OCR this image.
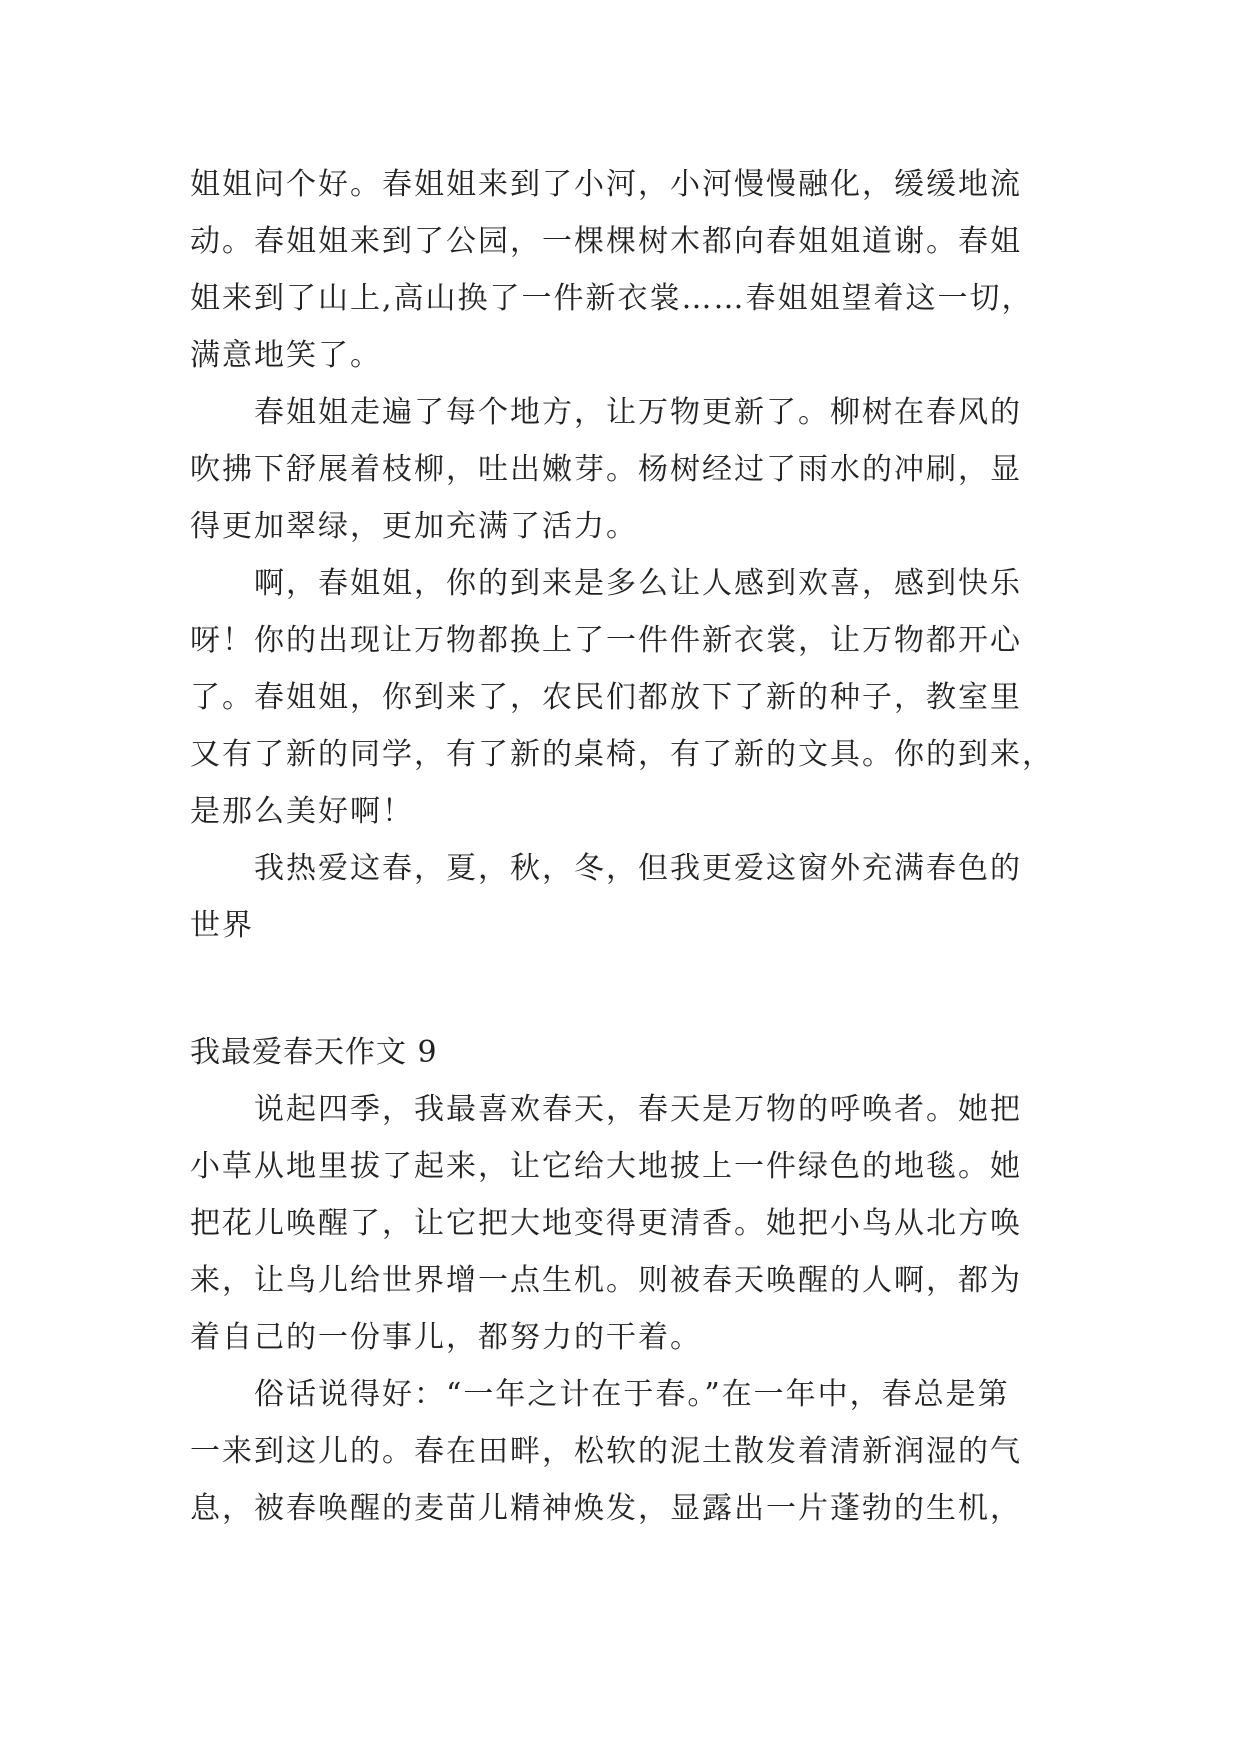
姐姐问个好。春姐姐来到了小河，小河慢慢融化，缓缓地流
动。春姐姐来到了公园，一棵棵树木都向春姐姐道谢。春姐
姐来到了山上,高山换了一件新衣裳……春姐姐望着这一切，
满意地笑了。
春姐姐走遍了每个地方，让万物更新了。柳树在春风的
吹拂下舒展着枝柳，吐出嫩芽。杨树经过了雨水的冲刷，显
得更加翠绿，更加充满了活力。
啊，春姐姐，你的到来是多么让人感到欢喜，感到快乐
呀！你的出现让万物都换上了一件件新衣裳，让万物都开心
了。春姐姐，你到来了，农民们都放下了新的种子，教室里
又有了新的同学，有了新的桌椅，有了新的文具。你的到来，
是那么美好啊！
我热爱这春，夏，秋，冬，但我更爱这窗外充满春色的
世界
我最爱春天作文 9
说起四季，我最喜欢春天，春天是万物的呼唤者。她把
小草从地里拔了起来，让它给大地披上一件绿色的地毯。她
把花儿唤醒了，让它把大地变得更清香。她把小鸟从北方唤
来，让鸟儿给世界增一点生机。则被春天唤醒的人啊，都为
着自己的一份事儿，都努力的干着。
俗话说得好：“一年之计在于春。”在一年中，春总是第
一来到这儿的。春在田畔，松软的泥土散发着清新润湿的气
息，被春唤醒的麦苗儿精神焕发，显露出一片蓬勃的生机，
